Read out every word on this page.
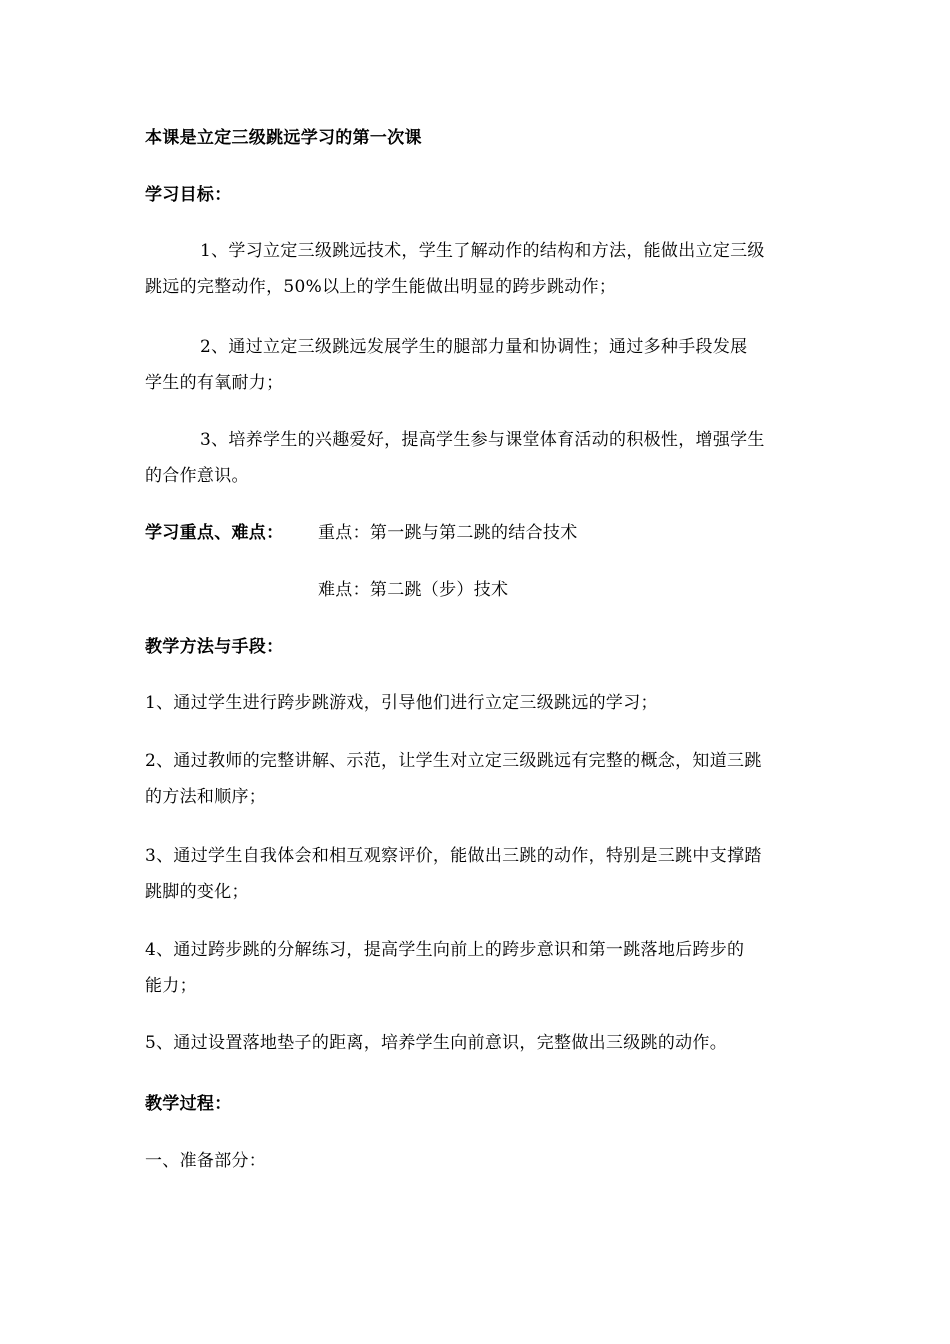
本课是立定三级跳远学习的第一次课
学习目标：
1、学习立定三级跳远技术，学生了解动作的结构和方法，能做出立定三级
跳远的完整动作，50%以上的学生能做出明显的跨步跳动作；
2、通过立定三级跳远发展学生的腿部力量和协调性；通过多种手段发展
学生的有氧耐力；
3、培养学生的兴趣爱好，提高学生参与课堂体育活动的积极性，增强学生
的合作意识。
学习重点、难点： 重点：第一跳与第二跳的结合技术
难点：第二跳（步）技术
教学方法与手段：
1、通过学生进行跨步跳游戏，引导他们进行立定三级跳远的学习；
2、通过教师的完整讲解、示范，让学生对立定三级跳远有完整的概念，知道三跳
的方法和顺序；
3、通过学生自我体会和相互观察评价，能做出三跳的动作，特别是三跳中支撑踏
跳脚的变化；
4、通过跨步跳的分解练习，提高学生向前上的跨步意识和第一跳落地后跨步的
能力；
5、通过设置落地垫子的距离，培养学生向前意识，完整做出三级跳的动作。
教学过程：
一、准备部分：
